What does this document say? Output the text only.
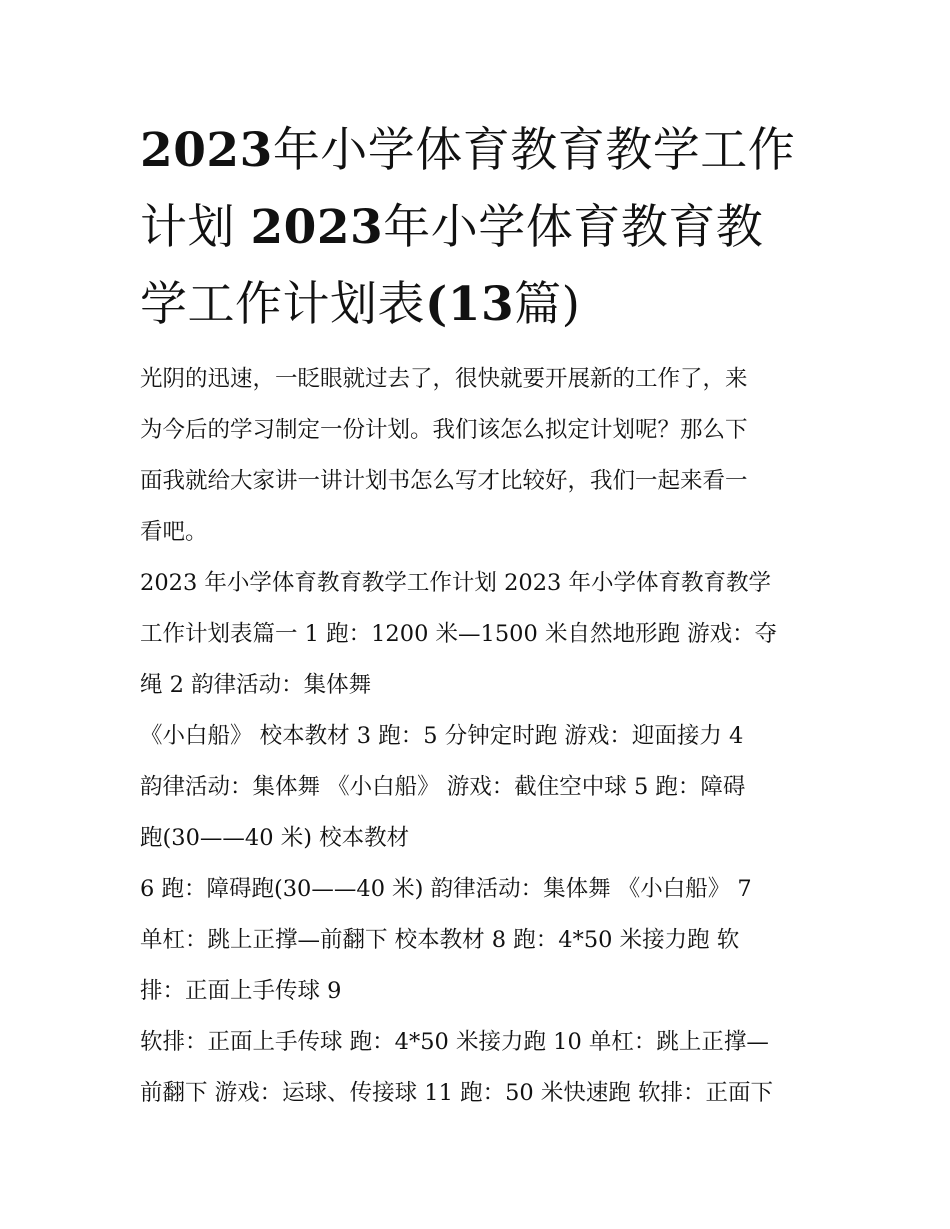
2023年小学体育教育教学工作
计划 2023年小学体育教育教
学工作计划表(13篇)
光阴的迅速，一眨眼就过去了，很快就要开展新的工作了，来
为今后的学习制定一份计划。我们该怎么拟定计划呢？那么下
面我就给大家讲一讲计划书怎么写才比较好，我们一起来看一
看吧。
2023 年小学体育教育教学工作计划 2023 年小学体育教育教学
工作计划表篇一 1 跑：1200 米—1500 米自然地形跑 游戏：夺
绳 2 韵律活动：集体舞
《小白船》 校本教材 3 跑：5 分钟定时跑 游戏：迎面接力 4
韵律活动：集体舞 《小白船》 游戏：截住空中球 5 跑：障碍
跑(30——40 米) 校本教材
6 跑：障碍跑(30——40 米) 韵律活动：集体舞 《小白船》 7
单杠：跳上正撑—前翻下 校本教材 8 跑：4*50 米接力跑 软
排：正面上手传球 9
软排：正面上手传球 跑：4*50 米接力跑 10 单杠：跳上正撑—
前翻下 游戏：运球、传接球 11 跑：50 米快速跑 软排：正面下
